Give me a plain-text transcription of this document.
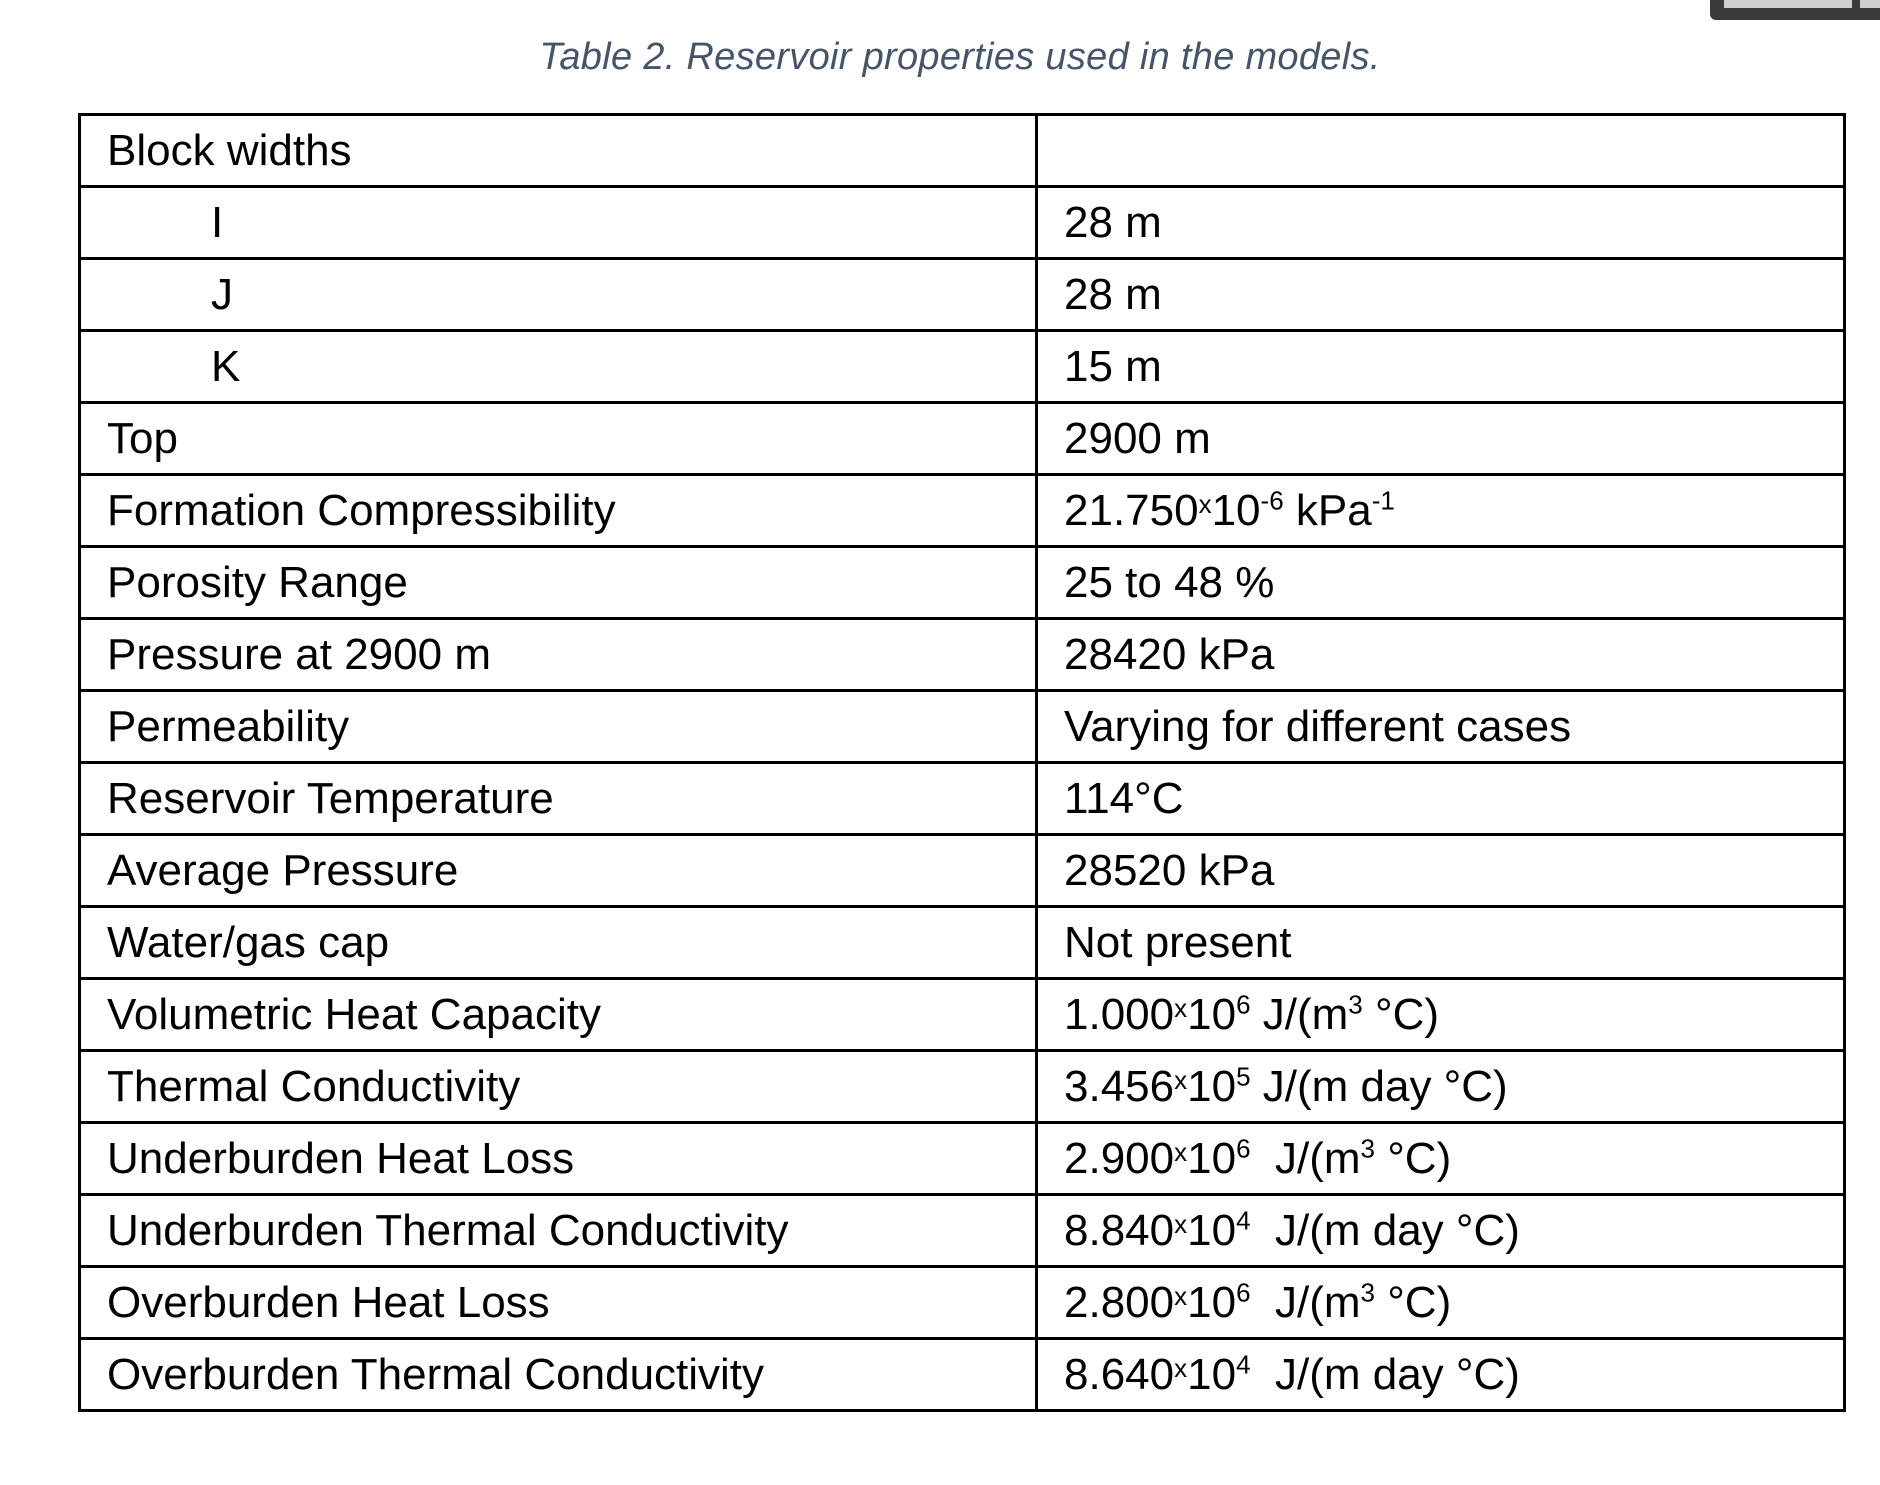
Table 2. Reservoir properties used in the models.
Block widths	
I	28 m
J	28 m
K	15 m
Top	2900 m
Formation Compressibility	$21.750^x10^{-6}$ kPa$^{-1}$
Porosity Range	25 to 48 %
Pressure at 2900 m	28420 kPa
Permeability	Varying for different cases
Reservoir Temperature	114°C
Average Pressure	28520 kPa
Water/gas cap	Not present
Volumetric Heat Capacity	$1.000^x10^6$ $J/(m^3$ °C)
Thermal Conductivity	$3.456^x10^5$ J/(m day °C)
Underburden Heat Loss	$2.900^x10^6$  $J/(m^3$ °C)
Underburden Thermal Conductivity	$8.840^x10^4$  J/(m day °C)
Overburden Heat Loss	$2.800^x10^6$  $J/(m^3$ °C)
Overburden Thermal Conductivity	$8.640^x10^4$  J/(m day °C)
